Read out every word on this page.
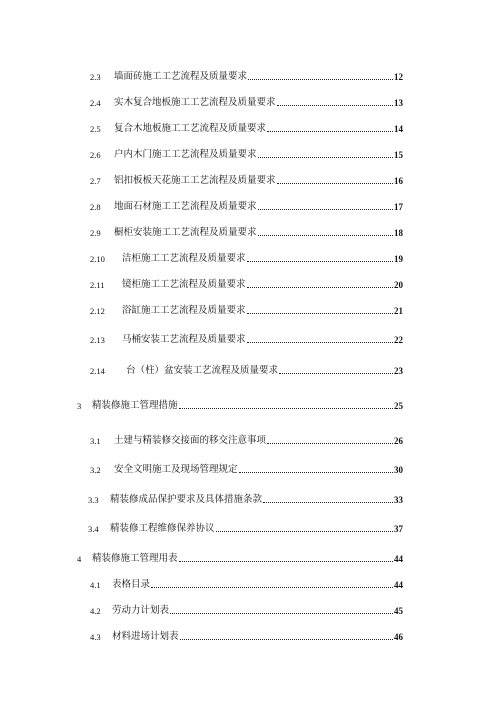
2.3	墙面砖施工工艺流程及质量要求	12
2.4	实木复合地板施工工艺流程及质量要求	13
2.5	复合木地板施工工艺流程及质量要求	14
2.6	户内木门施工工艺流程及质量要求	15
2.7	铝扣板板天花施工工艺流程及质量要求	16
2.8	地面石材施工工艺流程及质量要求	17
2.9	橱柜安装施工工艺流程及质量要求	18
2.10	洁柜施工工艺流程及质量要求	19
2.11	镜柜施工工艺流程及质量要求	20
2.12	浴缸施工工艺流程及质量要求	21
2.13	马桶安装工艺流程及质量要求	22
2.14	台（柱）盆安装工艺流程及质量要求	23
3	精装修施工管理措施	25
3.1	土建与精装修交接面的移交注意事项	26
3.2	安全文明施工及现场管理规定	30
3.3	精装修成品保护要求及具体措施条款	33
3.4	精装修工程维修保养协议	37
4	精装修施工管理用表	44
4.1	表格目录	44
4.2	劳动力计划表	45
4.3	材料进场计划表	46
